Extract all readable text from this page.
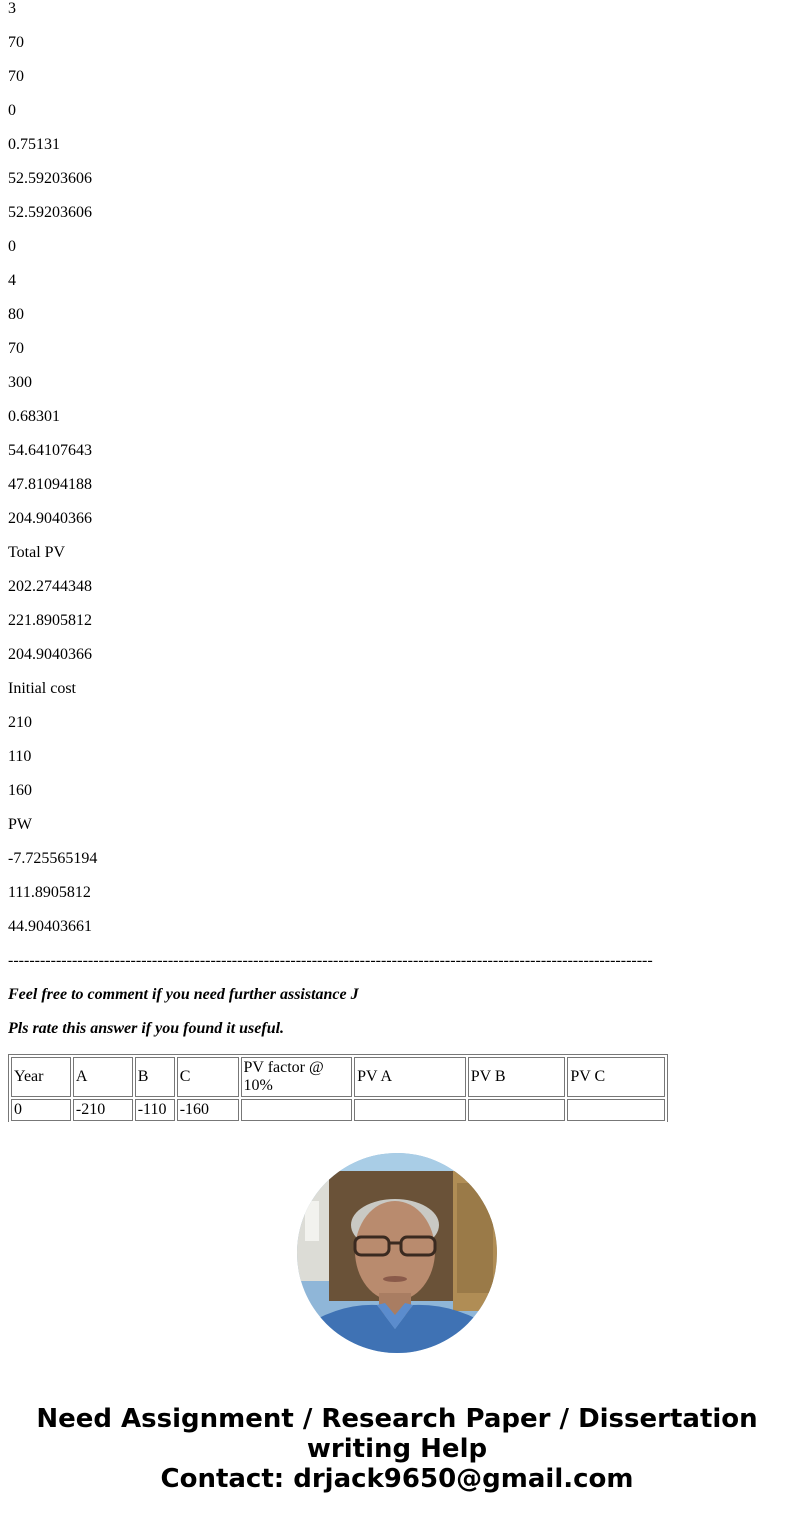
3
70
70
0
0.75131
52.59203606
52.59203606
0
4
80
70
300
0.68301
54.64107643
47.81094188
204.9040366
Total PV
202.2744348
221.8905812
204.9040366
Initial cost
210
110
160
PW
-7.725565194
111.8905812
44.90403661
-------------------------------------------------------------------------------------------------------------------------
Feel free to comment if you need further assistance J
Pls rate this answer if you found it useful.
Year	A	B	C	PV factor @ 10%	PV A	PV B	PV C
0	-210	-110	-160				

Need Assignment / Research Paper / Dissertation writing Help
Contact: drjack9650@gmail.com
